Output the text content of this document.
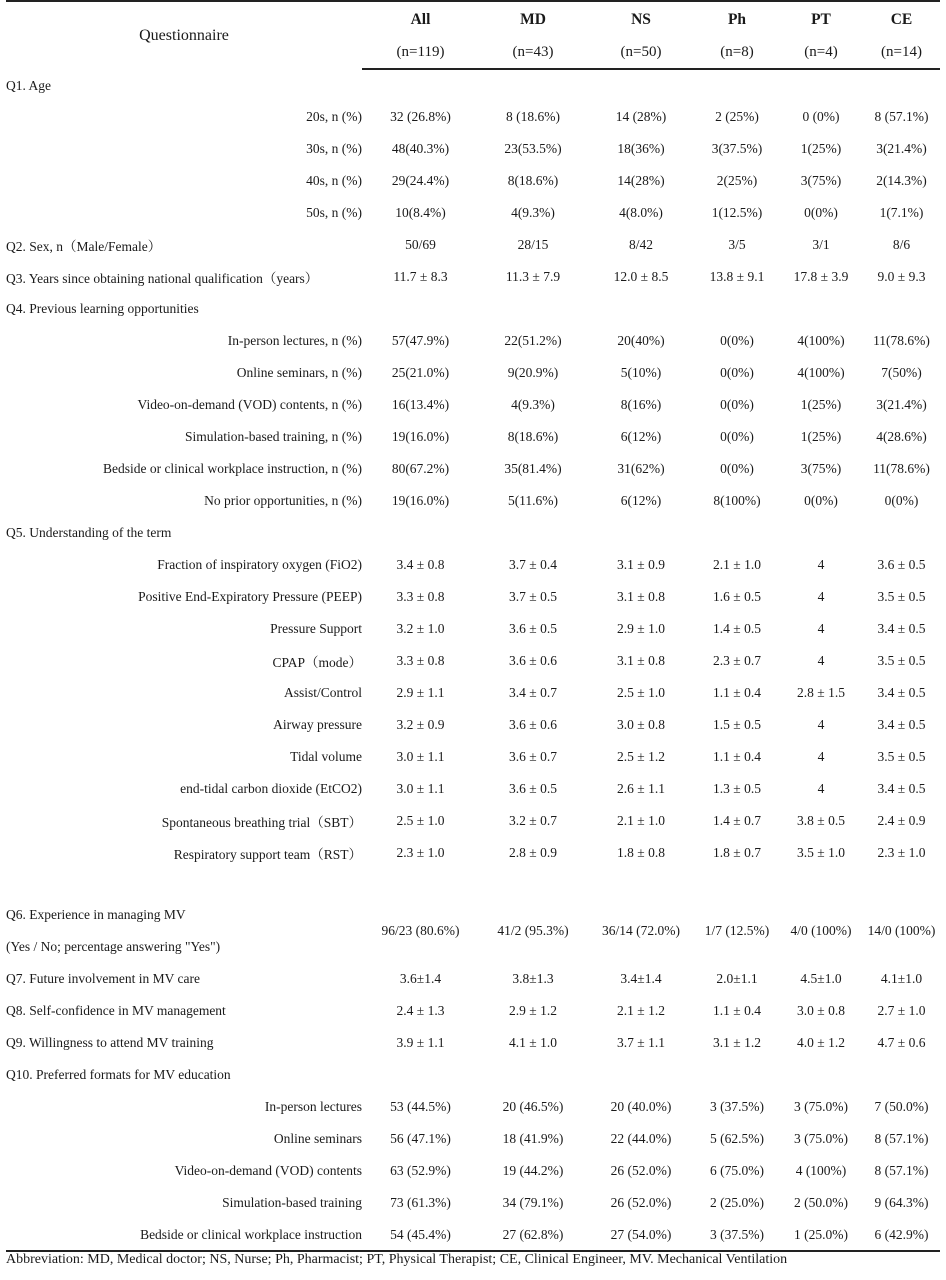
Questionnaire	All	MD	NS	Ph	PT	CE
	(n=119)	(n=43)	(n=50)	(n=8)	(n=4)	(n=14)
Q1. Age						
20s, n (%)	32 (26.8%)	8 (18.6%)	14 (28%)	2 (25%)	0 (0%)	8 (57.1%)
30s, n (%)	48(40.3%)	23(53.5%)	18(36%)	3(37.5%)	1(25%)	3(21.4%)
40s, n (%)	29(24.4%)	8(18.6%)	14(28%)	2(25%)	3(75%)	2(14.3%)
50s, n (%)	10(8.4%)	4(9.3%)	4(8.0%)	1(12.5%)	0(0%)	1(7.1%)
Q2. Sex, n（Male/Female）	50/69	28/15	8/42	3/5	3/1	8/6
Q3. Years since obtaining national qualification（years）	11.7 ± 8.3	11.3 ± 7.9	12.0 ± 8.5	13.8 ± 9.1	17.8 ± 3.9	9.0 ± 9.3
Q4. Previous learning opportunities						
In-person lectures, n (%)	57(47.9%)	22(51.2%)	20(40%)	0(0%)	4(100%)	11(78.6%)
Online seminars, n (%)	25(21.0%)	9(20.9%)	5(10%)	0(0%)	4(100%)	7(50%)
Video-on-demand (VOD) contents, n (%)	16(13.4%)	4(9.3%)	8(16%)	0(0%)	1(25%)	3(21.4%)
Simulation-based training, n (%)	19(16.0%)	8(18.6%)	6(12%)	0(0%)	1(25%)	4(28.6%)
Bedside or clinical workplace instruction, n (%)	80(67.2%)	35(81.4%)	31(62%)	0(0%)	3(75%)	11(78.6%)
No prior opportunities, n (%)	19(16.0%)	5(11.6%)	6(12%)	8(100%)	0(0%)	0(0%)
Q5. Understanding of the term						
Fraction of inspiratory oxygen (FiO2)	3.4 ± 0.8	3.7 ± 0.4	3.1 ± 0.9	2.1 ± 1.0	4	3.6 ± 0.5
Positive End-Expiratory Pressure (PEEP)	3.3 ± 0.8	3.7 ± 0.5	3.1 ± 0.8	1.6 ± 0.5	4	3.5 ± 0.5
Pressure Support	3.2 ± 1.0	3.6 ± 0.5	2.9 ± 1.0	1.4 ± 0.5	4	3.4 ± 0.5
CPAP（mode）	3.3 ± 0.8	3.6 ± 0.6	3.1 ± 0.8	2.3 ± 0.7	4	3.5 ± 0.5
Assist/Control	2.9 ± 1.1	3.4 ± 0.7	2.5 ± 1.0	1.1 ± 0.4	2.8 ± 1.5	3.4 ± 0.5
Airway pressure	3.2 ± 0.9	3.6 ± 0.6	3.0 ± 0.8	1.5 ± 0.5	4	3.4 ± 0.5
Tidal volume	3.0 ± 1.1	3.6 ± 0.7	2.5 ± 1.2	1.1 ± 0.4	4	3.5 ± 0.5
end-tidal carbon dioxide (EtCO2)	3.0 ± 1.1	3.6 ± 0.5	2.6 ± 1.1	1.3 ± 0.5	4	3.4 ± 0.5
Spontaneous breathing trial（SBT）	2.5 ± 1.0	3.2 ± 0.7	2.1 ± 1.0	1.4 ± 0.7	3.8 ± 0.5	2.4 ± 0.9
Respiratory support team（RST）	2.3 ± 1.0	2.8 ± 0.9	1.8 ± 0.8	1.8 ± 0.7	3.5 ± 1.0	2.3 ± 1.0

Q6. Experience in managing MV	96/23 (80.6%)	41/2 (95.3%)	36/14 (72.0%)	1/7 (12.5%)	4/0 (100%)	14/0 (100%)
(Yes / No; percentage answering "Yes")						
Q7. Future involvement in MV care	3.6±1.4	3.8±1.3	3.4±1.4	2.0±1.1	4.5±1.0	4.1±1.0
Q8. Self-confidence in MV management	2.4 ± 1.3	2.9 ± 1.2	2.1 ± 1.2	1.1 ± 0.4	3.0 ± 0.8	2.7 ± 1.0
Q9. Willingness to attend MV training	3.9 ± 1.1	4.1 ± 1.0	3.7 ± 1.1	3.1 ± 1.2	4.0 ± 1.2	4.7 ± 0.6
Q10. Preferred formats for MV education						
In-person lectures	53 (44.5%)	20 (46.5%)	20 (40.0%)	3 (37.5%)	3 (75.0%)	7 (50.0%)
Online seminars	56 (47.1%)	18 (41.9%)	22 (44.0%)	5 (62.5%)	3 (75.0%)	8 (57.1%)
Video-on-demand (VOD) contents	63 (52.9%)	19 (44.2%)	26 (52.0%)	6 (75.0%)	4 (100%)	8 (57.1%)
Simulation-based training	73 (61.3%)	34 (79.1%)	26 (52.0%)	2 (25.0%)	2 (50.0%)	9 (64.3%)
Bedside or clinical workplace instruction	54 (45.4%)	27 (62.8%)	27 (54.0%)	3 (37.5%)	1 (25.0%)	6 (42.9%)
Abbreviation: MD, Medical doctor; NS, Nurse; Ph, Pharmacist; PT, Physical Therapist; CE, Clinical Engineer, MV. Mechanical Ventilation
